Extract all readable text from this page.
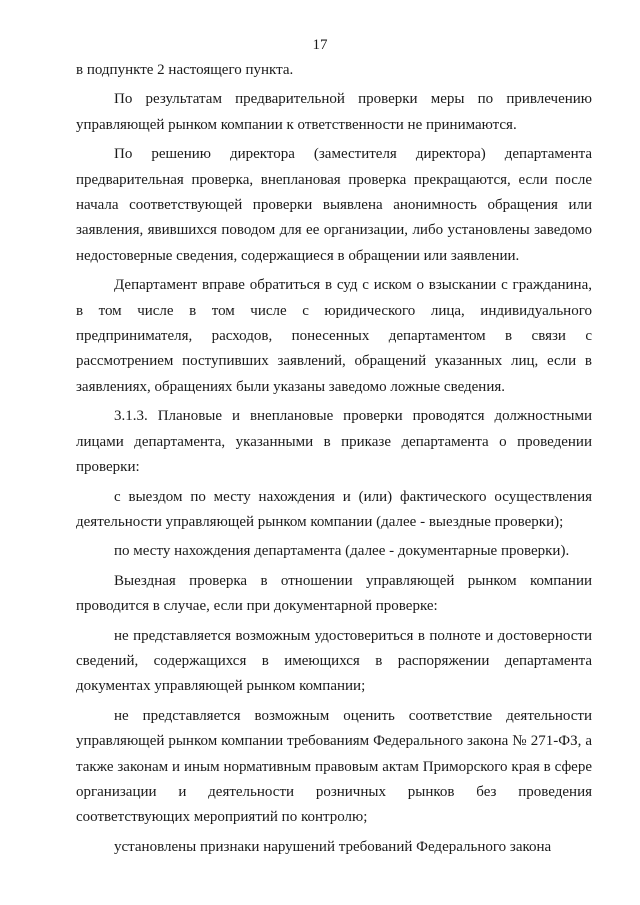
17

в подпункте 2 настоящего пункта.

По результатам предварительной проверки меры по привлечению управляющей рынком компании к ответственности не принимаются.

По решению директора (заместителя директора) департамента предварительная проверка, внеплановая проверка прекращаются, если после начала соответствующей проверки выявлена анонимность обращения или заявления, явившихся поводом для ее организации, либо установлены заведомо недостоверные сведения, содержащиеся в обращении или заявлении.

Департамент вправе обратиться в суд с иском о взыскании с гражданина, в том числе в том числе с юридического лица, индивидуального предпринимателя, расходов, понесенных департаментом в связи с рассмотрением поступивших заявлений, обращений указанных лиц, если в заявлениях, обращениях были указаны заведомо ложные сведения.

3.1.3. Плановые и внеплановые проверки проводятся должностными лицами департамента, указанными в приказе департамента о проведении проверки:

с выездом по месту нахождения и (или) фактического осуществления деятельности управляющей рынком компании (далее - выездные проверки);

по месту нахождения департамента (далее - документарные проверки).

Выездная проверка в отношении управляющей рынком компании проводится в случае, если при документарной проверке:

не представляется возможным удостовериться в полноте и достоверности сведений, содержащихся в имеющихся в распоряжении департамента документах управляющей рынком компании;

не представляется возможным оценить соответствие деятельности управляющей рынком компании требованиям Федерального закона № 271-ФЗ, а также законам и иным нормативным правовым актам Приморского края в сфере организации и деятельности розничных рынков без проведения соответствующих мероприятий по контролю;

установлены признаки нарушений требований Федерального закона
